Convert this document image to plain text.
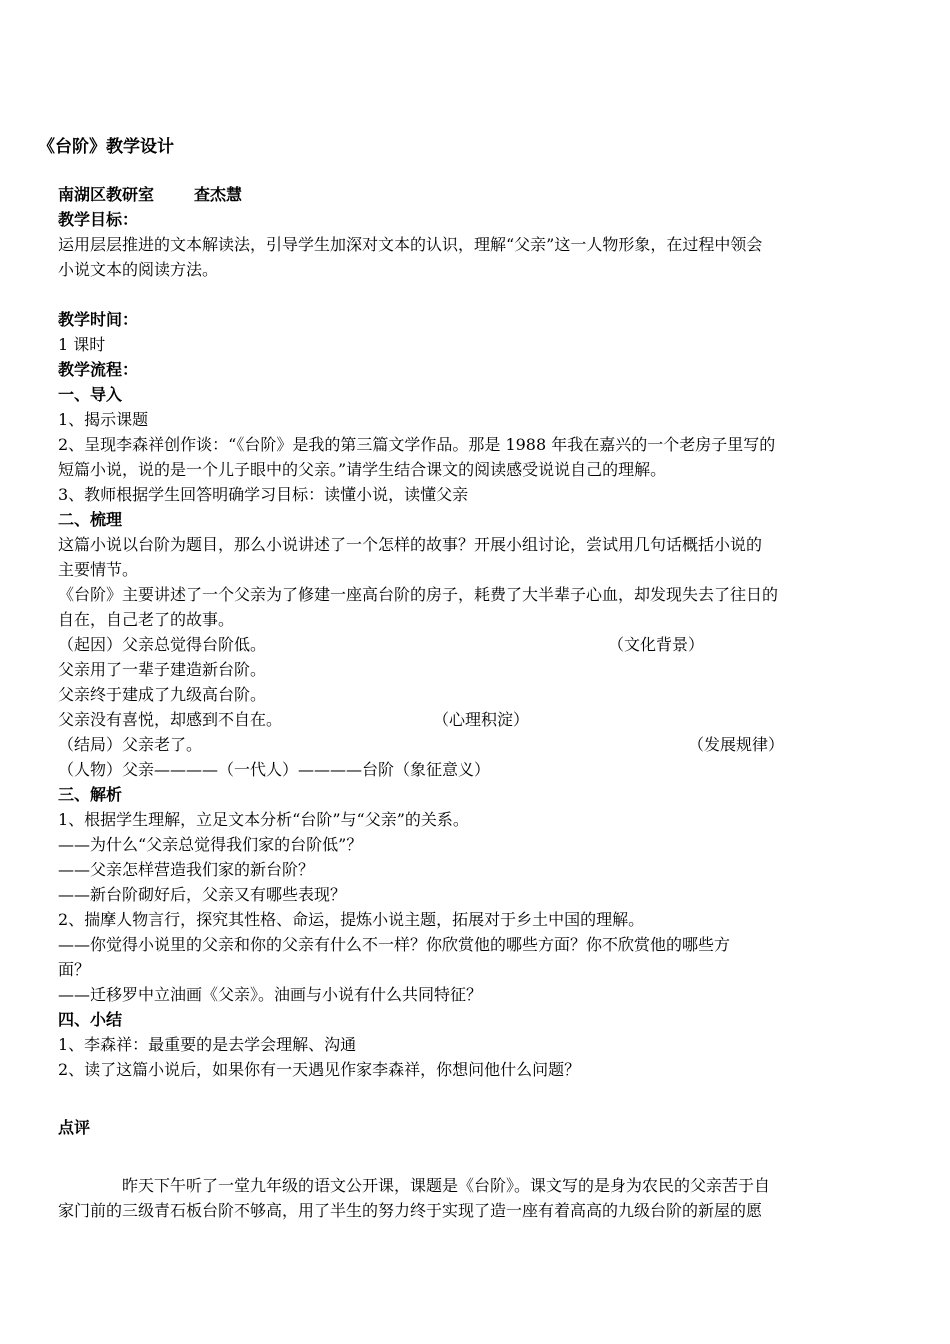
《台阶》教学设计
南湖区教研室	查杰慧
教学目标：
运用层层推进的文本解读法，引导学生加深对文本的认识，理解“父亲”这一人物形象，在过程中领会
小说文本的阅读方法。
教学时间：
1 课时
教学流程：
一、导入
1、揭示课题
2、呈现李森祥创作谈：“《台阶》是我的第三篇文学作品。那是 1988 年我在嘉兴的一个老房子里写的
短篇小说，说的是一个儿子眼中的父亲。”请学生结合课文的阅读感受说说自己的理解。
3、教师根据学生回答明确学习目标：读懂小说，读懂父亲
二、梳理
这篇小说以台阶为题目，那么小说讲述了一个怎样的故事？开展小组讨论，尝试用几句话概括小说的
主要情节。
《台阶》主要讲述了一个父亲为了修建一座高台阶的房子，耗费了大半辈子心血，却发现失去了往日的
自在，自己老了的故事。
（起因）父亲总觉得台阶低。	（文化背景）
父亲用了一辈子建造新台阶。
父亲终于建成了九级高台阶。
父亲没有喜悦，却感到不自在。	（心理积淀）
（结局）父亲老了。	（发展规律）
（人物）父亲————（一代人）————台阶（象征意义）
三、解析
1、根据学生理解，立足文本分析“台阶”与“父亲”的关系。
——为什么“父亲总觉得我们家的台阶低”？
——父亲怎样营造我们家的新台阶？
——新台阶砌好后，父亲又有哪些表现？
2、揣摩人物言行，探究其性格、命运，提炼小说主题，拓展对于乡土中国的理解。
——你觉得小说里的父亲和你的父亲有什么不一样？你欣赏他的哪些方面？你不欣赏他的哪些方
面？
——迁移罗中立油画《父亲》。油画与小说有什么共同特征？
四、小结
1、李森祥：最重要的是去学会理解、沟通
2、读了这篇小说后，如果你有一天遇见作家李森祥，你想问他什么问题？
点评
昨天下午听了一堂九年级的语文公开课，课题是《台阶》。课文写的是身为农民的父亲苦于自
家门前的三级青石板台阶不够高，用了半生的努力终于实现了造一座有着高高的九级台阶的新屋的愿
